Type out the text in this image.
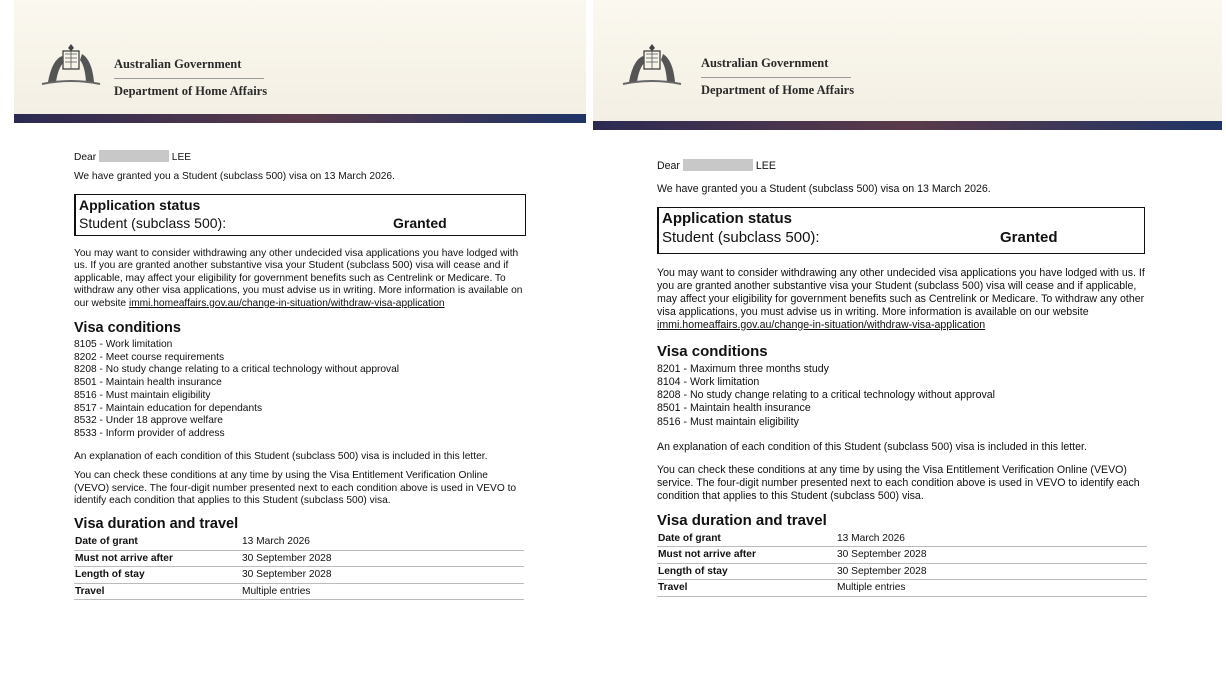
Australian Government
Department of Home Affairs

Dear	LEE

We have granted you a Student (subclass 500) visa on 13 March 2026.

Application status
Student (subclass 500):	Granted

You may want to consider withdrawing any other undecided visa applications you have lodged with us. If you are granted another substantive visa your Student (subclass 500) visa will cease and if applicable, may affect your eligibility for government benefits such as Centrelink or Medicare. To withdraw any other visa applications, you must advise us in writing. More information is available on our website immi.homeaffairs.gov.au/change-in-situation/withdraw-visa-application

Visa conditions
8105 - Work limitation
8202 - Meet course requirements
8208 - No study change relating to a critical technology without approval
8501 - Maintain health insurance
8516 - Must maintain eligibility
8517 - Maintain education for dependants
8532 - Under 18 approve welfare
8533 - Inform provider of address

An explanation of each condition of this Student (subclass 500) visa is included in this letter.

You can check these conditions at any time by using the Visa Entitlement Verification Online (VEVO) service. The four-digit number presented next to each condition above is used in VEVO to identify each condition that applies to this Student (subclass 500) visa.

Visa duration and travel
Date of grant	13 March 2026
Must not arrive after	30 September 2028
Length of stay	30 September 2028
Travel	Multiple entries
Australian Government
Department of Home Affairs

Dear	LEE

We have granted you a Student (subclass 500) visa on 13 March 2026.

Application status
Student (subclass 500):	Granted

You may want to consider withdrawing any other undecided visa applications you have lodged with us. If you are granted another substantive visa your Student (subclass 500) visa will cease and if applicable, may affect your eligibility for government benefits such as Centrelink or Medicare. To withdraw any other visa applications, you must advise us in writing. More information is available on our website immi.homeaffairs.gov.au/change-in-situation/withdraw-visa-application

Visa conditions
8201 - Maximum three months study
8104 - Work limitation
8208 - No study change relating to a critical technology without approval
8501 - Maintain health insurance
8516 - Must maintain eligibility

An explanation of each condition of this Student (subclass 500) visa is included in this letter.

You can check these conditions at any time by using the Visa Entitlement Verification Online (VEVO) service. The four-digit number presented next to each condition above is used in VEVO to identify each condition that applies to this Student (subclass 500) visa.

Visa duration and travel
Date of grant	13 March 2026
Must not arrive after	30 September 2028
Length of stay	30 September 2028
Travel	Multiple entries
